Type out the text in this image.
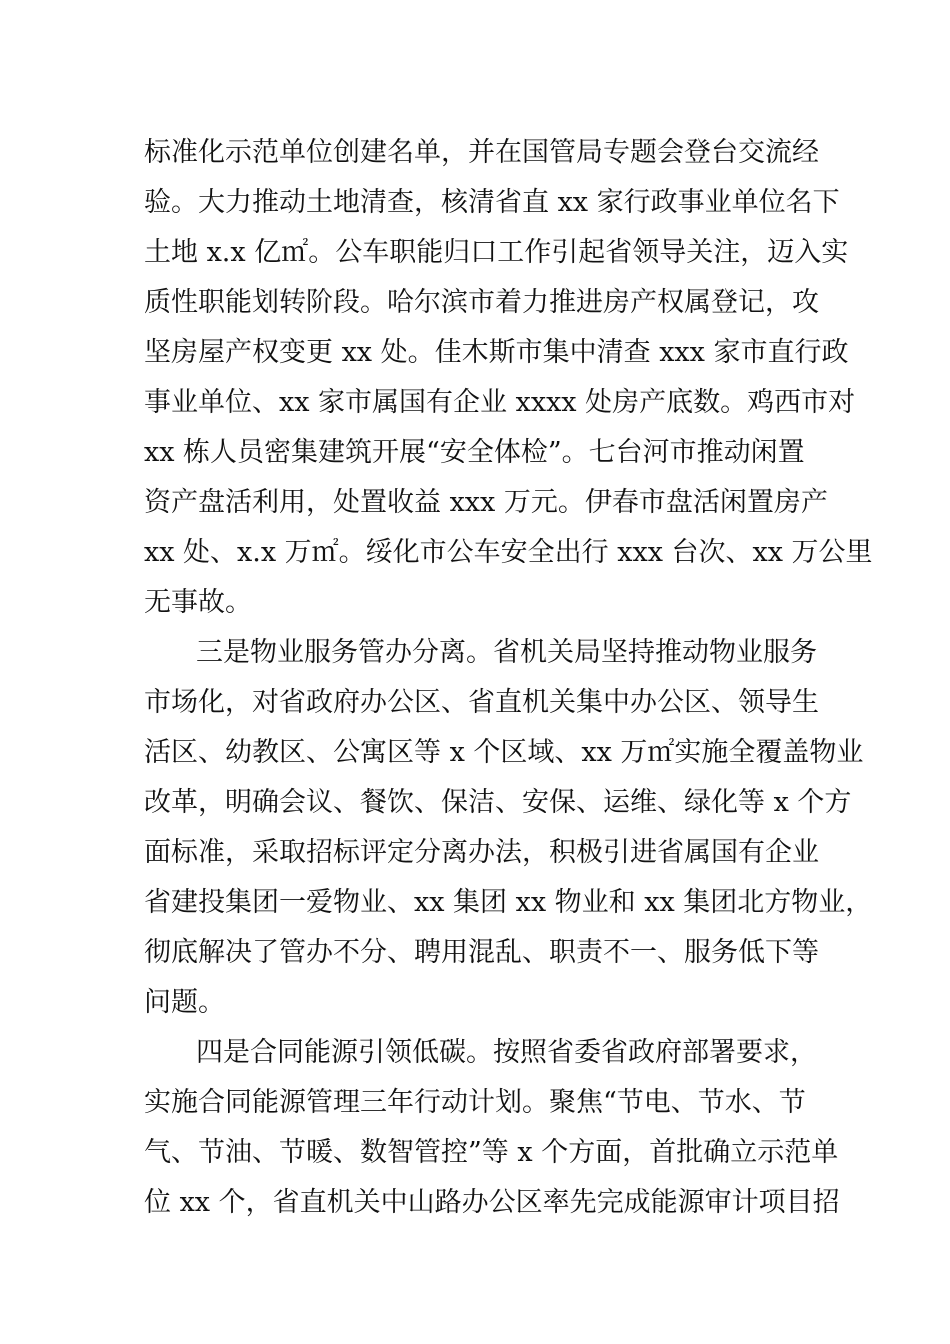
标准化示范单位创建名单，并在国管局专题会登台交流经
验。大力推动土地清查，核清省直 xx 家行政事业单位名下
土地 x.x 亿㎡。公车职能归口工作引起省领导关注，迈入实
质性职能划转阶段。哈尔滨市着力推进房产权属登记，攻
坚房屋产权变更 xx 处。佳木斯市集中清查 xxx 家市直行政
事业单位、xx 家市属国有企业 xxxx 处房产底数。鸡西市对
xx 栋人员密集建筑开展“安全体检”。七台河市推动闲置
资产盘活利用，处置收益 xxx 万元。伊春市盘活闲置房产
xx 处、x.x 万㎡。绥化市公车安全出行 xxx 台次、xx 万公里
无事故。
三是物业服务管办分离。省机关局坚持推动物业服务
市场化，对省政府办公区、省直机关集中办公区、领导生
活区、幼教区、公寓区等 x 个区域、xx 万㎡实施全覆盖物业
改革，明确会议、餐饮、保洁、安保、运维、绿化等 x 个方
面标准，采取招标评定分离办法，积极引进省属国有企业
省建投集团一爱物业、xx 集团 xx 物业和 xx 集团北方物业，
彻底解决了管办不分、聘用混乱、职责不一、服务低下等
问题。
四是合同能源引领低碳。按照省委省政府部署要求，
实施合同能源管理三年行动计划。聚焦“节电、节水、节
气、节油、节暖、数智管控”等 x 个方面，首批确立示范单
位 xx 个，省直机关中山路办公区率先完成能源审计项目招
